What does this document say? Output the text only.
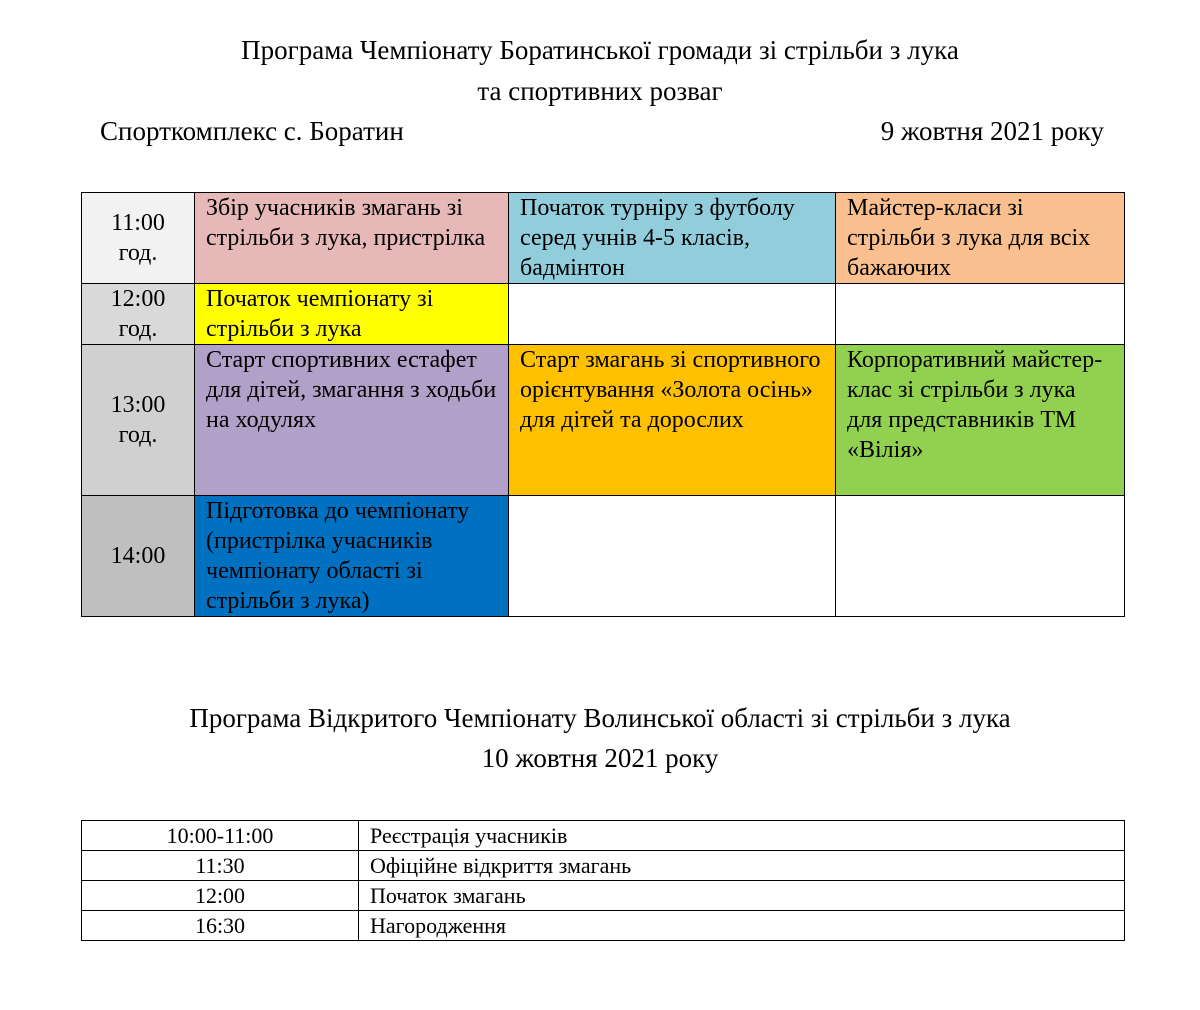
Програма Чемпіонату Боратинської громади зі стрільби з лука
та спортивних розваг
Спорткомплекс с. Боратин	9 жовтня 2021 року
11:00
год.	Збір учасників змагань зі стрільби з лука, пристрілка	Початок турніру з футболу серед учнів 4-5 класів, бадмінтон	Майстер-класи зі стрільби з лука для всіх бажаючих

12:00
год.	Початок чемпіонату зі стрільби з лука		

13:00
год.	Старт спортивних естафет для дітей, змагання з ходьби на ходулях	Старт змагань зі спортивного орієнтування «Золота осінь» для дітей та дорослих	Корпоративний майстер-клас зі стрільби з лука для представників ТМ «Вілія»

14:00	Підготовка до чемпіонату (пристрілка учасників чемпіонату області зі стрільби з лука)		
Програма Відкритого Чемпіонату Волинської області зі стрільби з лука
10 жовтня 2021 року
10:00-11:00	Реєстрація учасників
11:30	Офіційне відкриття змагань
12:00	Початок змагань
16:30	Нагородження
